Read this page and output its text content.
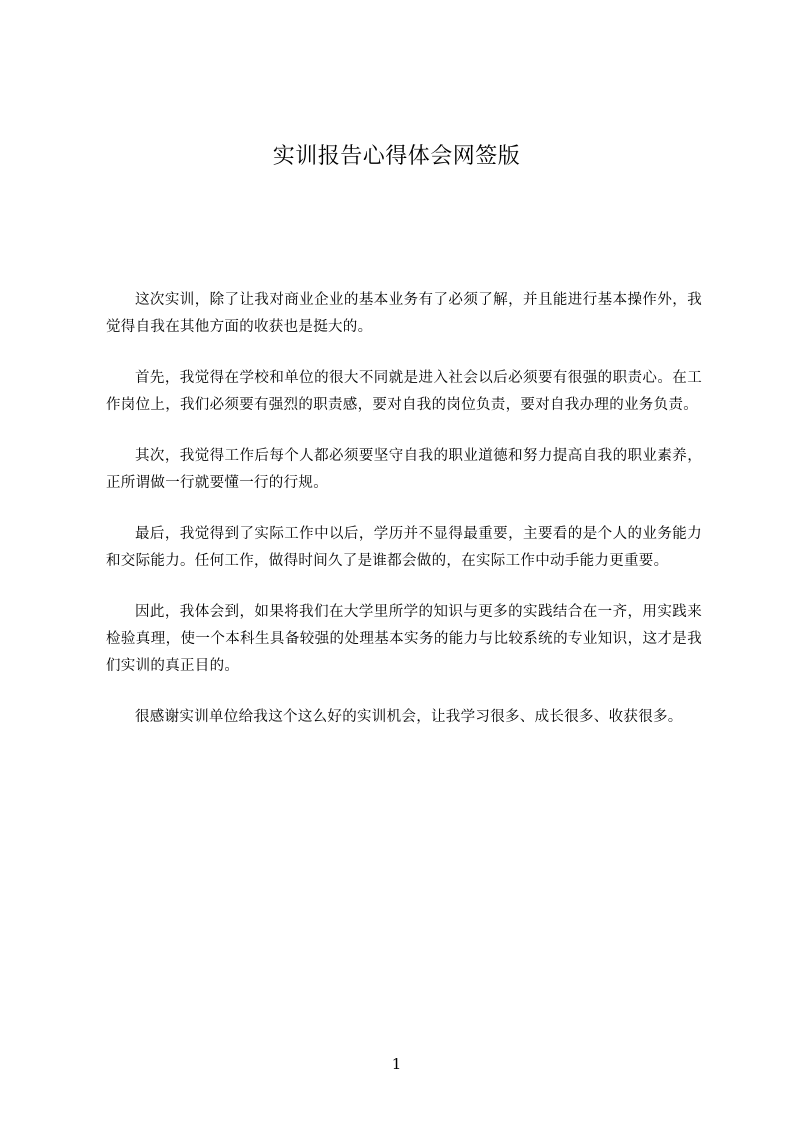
实训报告心得体会网签版

这次实训，除了让我对商业企业的基本业务有了必须了解，并且能进行基本操作外，我觉得自我在其他方面的收获也是挺大的。

首先，我觉得在学校和单位的很大不同就是进入社会以后必须要有很强的职责心。在工作岗位上，我们必须要有强烈的职责感，要对自我的岗位负责，要对自我办理的业务负责。

其次，我觉得工作后每个人都必须要坚守自我的职业道德和努力提高自我的职业素养，正所谓做一行就要懂一行的行规。

最后，我觉得到了实际工作中以后，学历并不显得最重要，主要看的是个人的业务能力和交际能力。任何工作，做得时间久了是谁都会做的，在实际工作中动手能力更重要。

因此，我体会到，如果将我们在大学里所学的知识与更多的实践结合在一齐，用实践来检验真理，使一个本科生具备较强的处理基本实务的能力与比较系统的专业知识，这才是我们实训的真正目的。

很感谢实训单位给我这个这么好的实训机会，让我学习很多、成长很多、收获很多。

1
